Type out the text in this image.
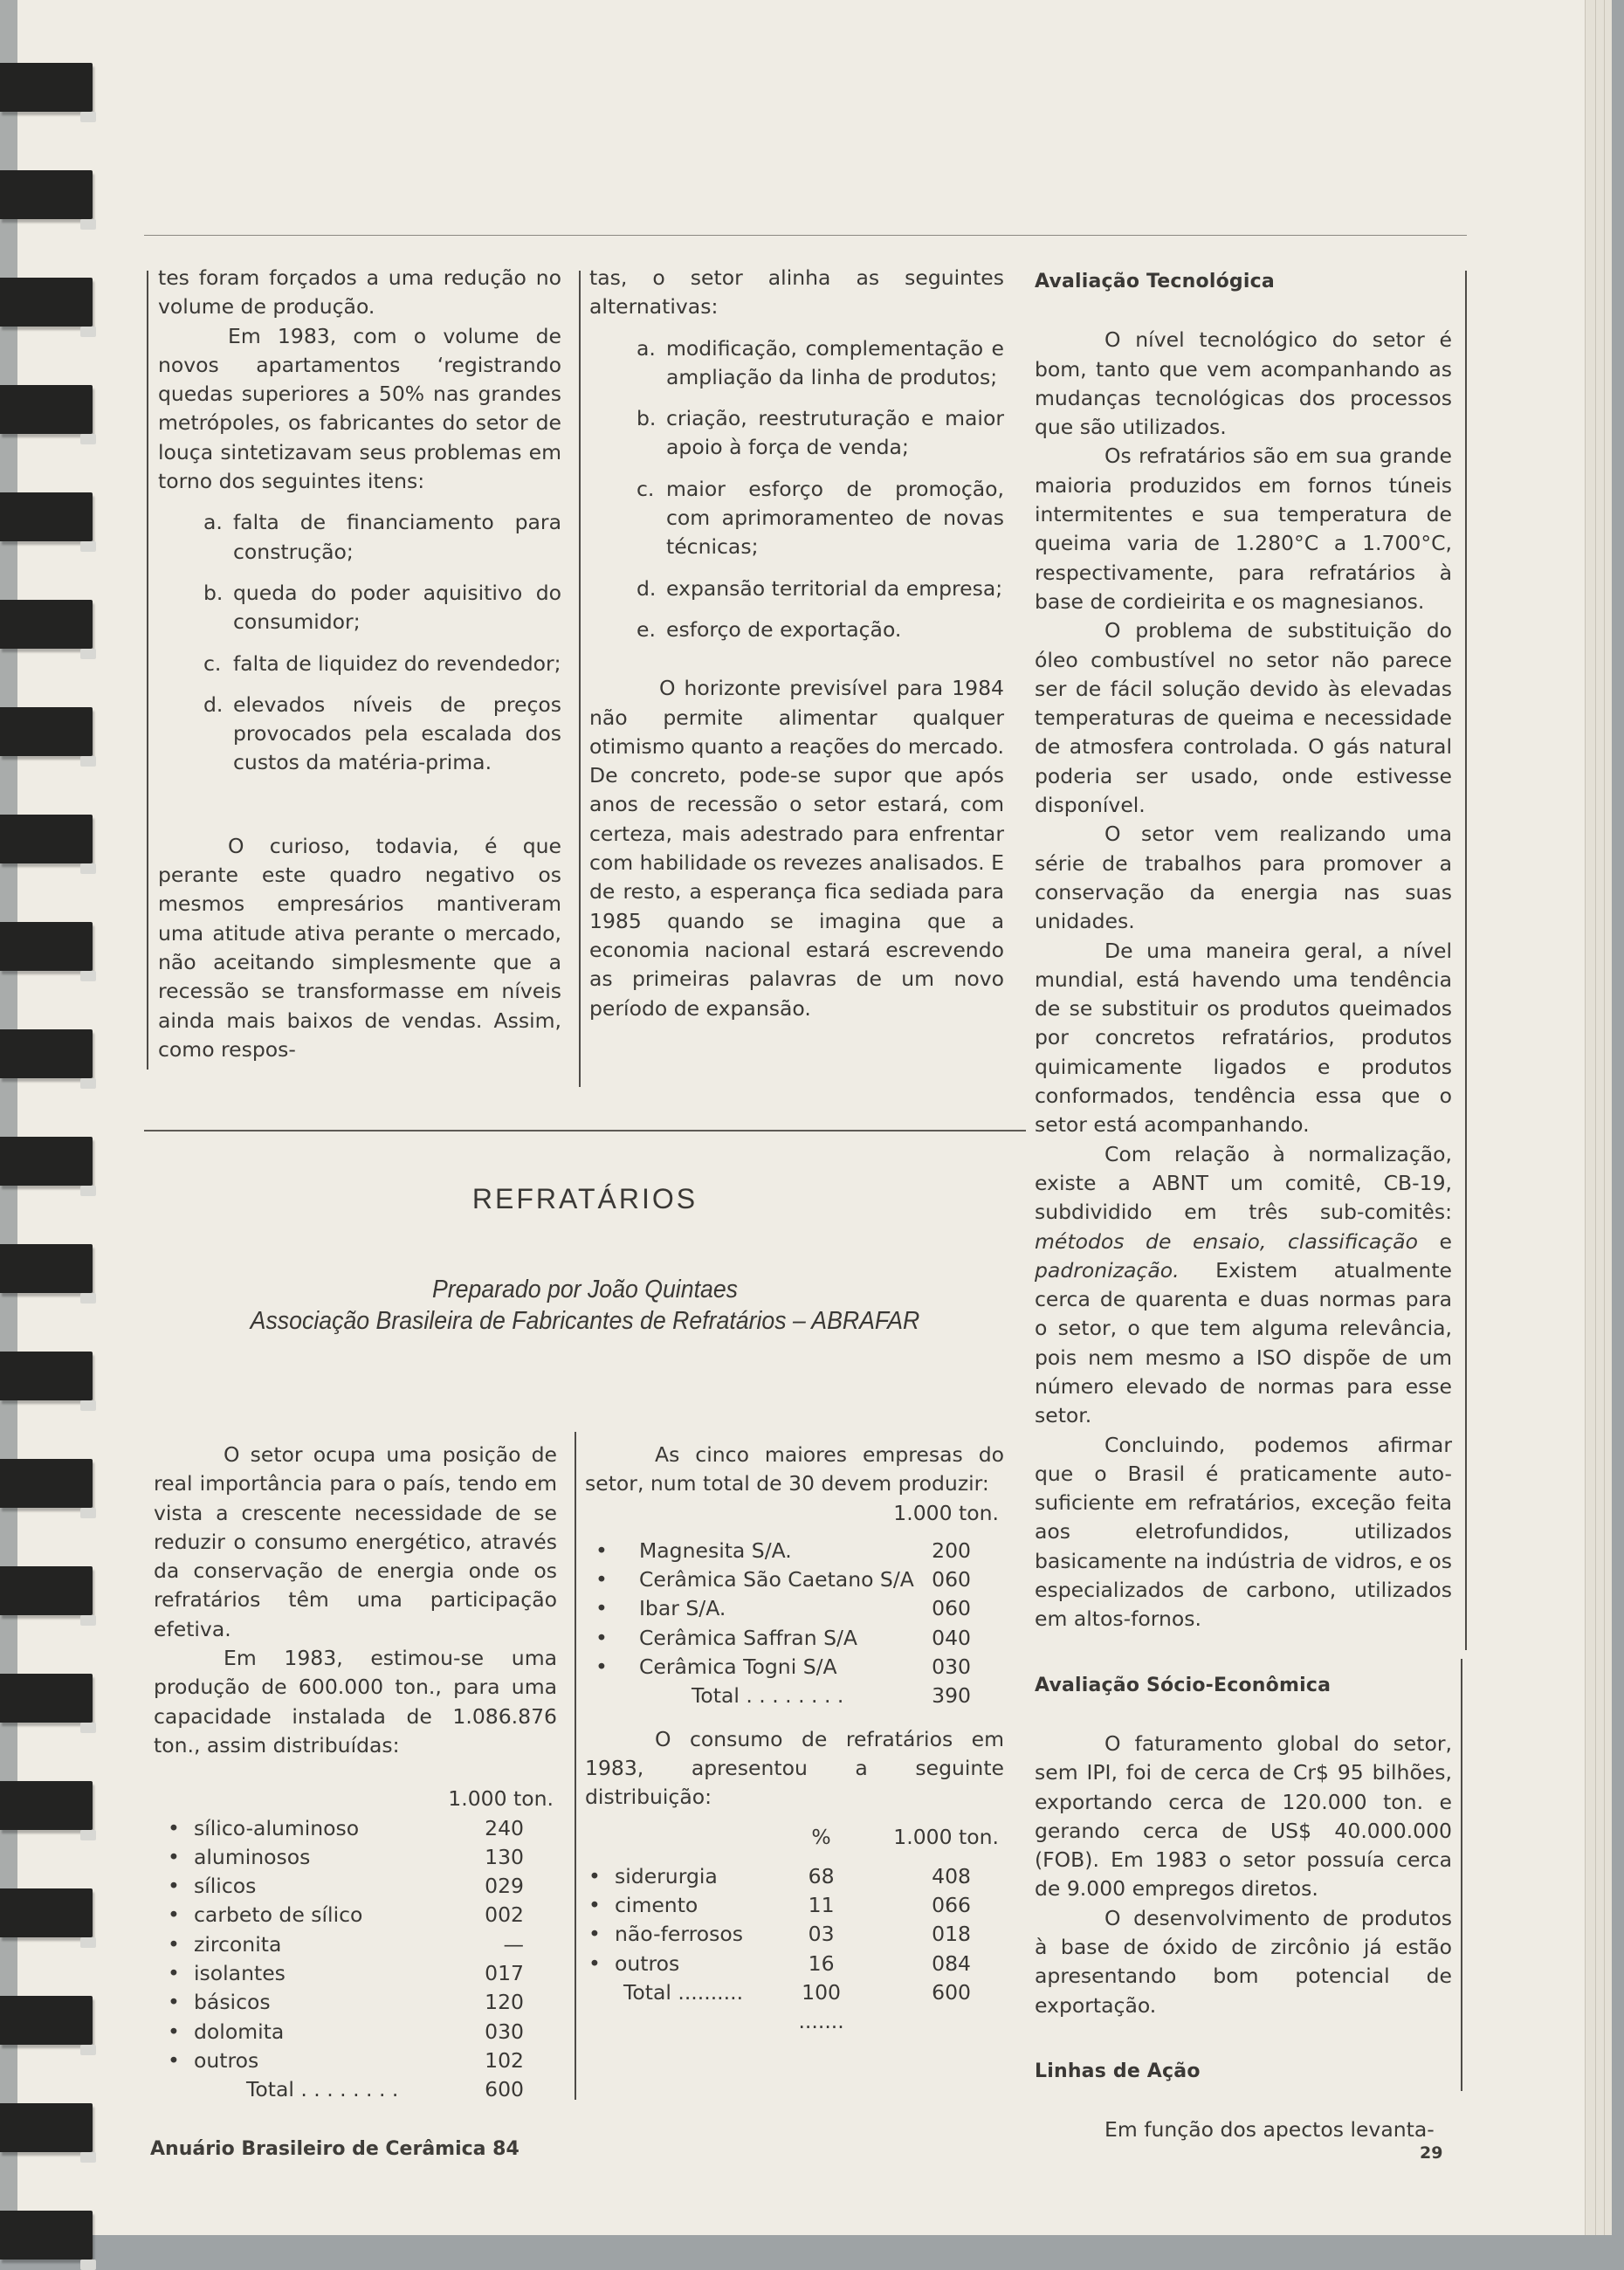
tes foram forçados a uma redução no volume de produção.

Em 1983, com o volume de novos apartamentos ‘registrando quedas superiores a 50% nas grandes metrópoles, os fabricantes do setor de louça sintetizavam seus problemas em torno dos seguintes itens:

a. falta de financiamento para construção;
b. queda do poder aquisitivo do consumidor;
c. falta de liquidez do revendedor;
d. elevados níveis de preços provocados pela escalada dos custos da matéria-prima.

O curioso, todavia, é que perante este quadro negativo os mesmos empresários mantiveram uma atitude ativa perante o mercado, não aceitando simplesmente que a recessão se transformasse em níveis ainda mais baixos de vendas. Assim, como respos-

tas, o setor alinha as seguintes alternativas:

a. modificação, complementação e ampliação da linha de produtos;
b. criação, reestruturação e maior apoio à força de venda;
c. maior esforço de promoção, com aprimoramenteo de novas técnicas;
d. expansão territorial da empresa;
e. esforço de exportação.

O horizonte previsível para 1984 não permite alimentar qualquer otimismo quanto a reações do mercado. De concreto, pode-se supor que após anos de recessão o setor estará, com certeza, mais adestrado para enfrentar com habilidade os revezes analisados. E de resto, a esperança fica sediada para 1985 quando se imagina que a economia nacional estará escrevendo as primeiras palavras de um novo período de expansão.

REFRATÁRIOS
Preparado por João Quintaes
Associação Brasileira de Fabricantes de Refratários – ABRAFAR

O setor ocupa uma posição de real importância para o país, tendo em vista a crescente necessidade de se reduzir o consumo energético, através da conservação de energia onde os refratários têm uma participação efetiva.

Em 1983, estimou-se uma produção de 600.000 ton., para uma capacidade instalada de 1.086.876 ton., assim distribuídas:

1.000 ton.
•	sílico-aluminoso	240
•	aluminosos	130
•	sílicos	029
•	carbeto de sílico	002
•	zirconita	—
•	isolantes	017
•	básicos	120
•	dolomita	030
•	outros	102
	Total . . . . . . . .	600

As cinco maiores empresas do setor, num total de 30 devem produzir:

1.000 ton.
•	Magnesita S/A.	200
•	Cerâmica São Caetano S/A	060
•	Ibar S/A.	060
•	Cerâmica Saffran S/A	040
•	Cerâmica Togni S/A	030
	Total . . . . . . . .	390

O consumo de refratários em 1983, apresentou a seguinte distribuição:

		%	1.000 ton.

•	siderurgia	68	408
•	cimento	11	066
•	não-ferrosos	03	018
•	outros	16	084
	Total ..........	100 .......	600

Avaliação Tecnológica

O nível tecnológico do setor é bom, tanto que vem acompanhando as mudanças tecnológicas dos processos que são utilizados.

Os refratários são em sua grande maioria produzidos em fornos túneis intermitentes e sua temperatura de queima varia de 1.280°C a 1.700°C, respectivamente, para refratários à base de cordieirita e os magnesianos.

O problema de substituição do óleo combustível no setor não parece ser de fácil solução devido às elevadas temperaturas de queima e necessidade de atmosfera controlada. O gás natural poderia ser usado, onde estivesse disponível.

O setor vem realizando uma série de trabalhos para promover a conservação da energia nas suas unidades.

De uma maneira geral, a nível mundial, está havendo uma tendência de se substituir os produtos queimados por concretos refratários, produtos quimicamente ligados e produtos conformados, tendência essa que o setor está acompanhando.

Com relação à normalização, existe a ABNT um comitê, CB-19, subdividido em três sub-comitês: métodos de ensaio, classificação e padronização. Existem atualmente cerca de quarenta e duas normas para o setor, o que tem alguma relevância, pois nem mesmo a ISO dispõe de um número elevado de normas para esse setor.

Concluindo, podemos afirmar que o Brasil é praticamente auto-suficiente em refratários, exceção feita aos eletrofundidos, utilizados basicamente na indústria de vidros, e os especializados de carbono, utilizados em altos-fornos.

Avaliação Sócio-Econômica

O faturamento global do setor, sem IPI, foi de cerca de Cr$ 95 bilhões, exportando cerca de 120.000 ton. e gerando cerca de US$ 40.000.000 (FOB). Em 1983 o setor possuía cerca de 9.000 empregos diretos.

O desenvolvimento de produtos à base de óxido de zircônio já estão apresentando bom potencial de exportação.

Linhas de Ação

Em função dos apectos levanta-

Anuário Brasileiro de Cerâmica 84	29
